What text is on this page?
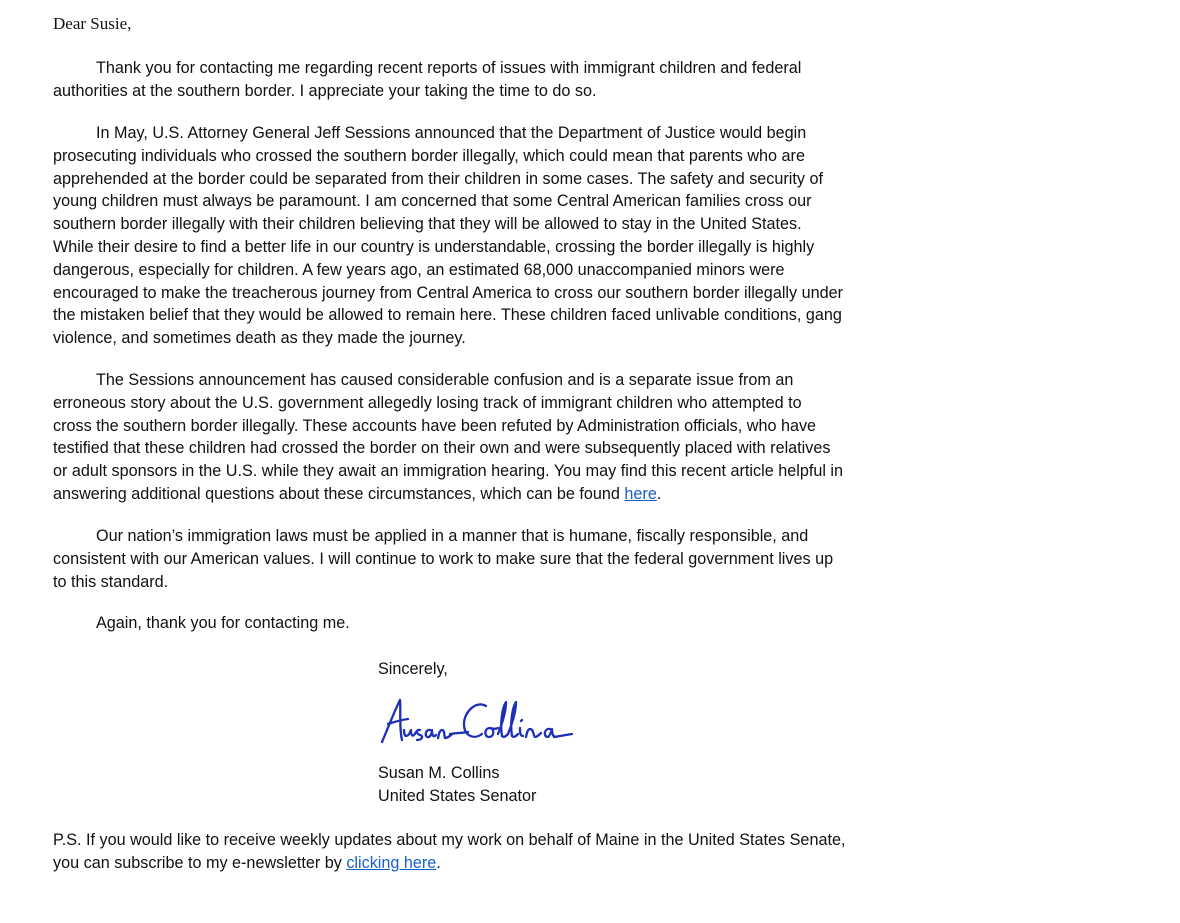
Dear Susie,
Thank you for contacting me regarding recent reports of issues with immigrant children and federal
authorities at the southern border. I appreciate your taking the time to do so.
In May, U.S. Attorney General Jeff Sessions announced that the Department of Justice would begin
prosecuting individuals who crossed the southern border illegally, which could mean that parents who are
apprehended at the border could be separated from their children in some cases. The safety and security of
young children must always be paramount. I am concerned that some Central American families cross our
southern border illegally with their children believing that they will be allowed to stay in the United States.
While their desire to find a better life in our country is understandable, crossing the border illegally is highly
dangerous, especially for children. A few years ago, an estimated 68,000 unaccompanied minors were
encouraged to make the treacherous journey from Central America to cross our southern border illegally under
the mistaken belief that they would be allowed to remain here. These children faced unlivable conditions, gang
violence, and sometimes death as they made the journey.
The Sessions announcement has caused considerable confusion and is a separate issue from an
erroneous story about the U.S. government allegedly losing track of immigrant children who attempted to
cross the southern border illegally. These accounts have been refuted by Administration officials, who have
testified that these children had crossed the border on their own and were subsequently placed with relatives
or adult sponsors in the U.S. while they await an immigration hearing. You may find this recent article helpful in
answering additional questions about these circumstances, which can be found here.
Our nation’s immigration laws must be applied in a manner that is humane, fiscally responsible, and
consistent with our American values. I will continue to work to make sure that the federal government lives up
to this standard.
Again, thank you for contacting me.
Sincerely,
Susan M. Collins
United States Senator
P.S. If you would like to receive weekly updates about my work on behalf of Maine in the United States Senate,
you can subscribe to my e-newsletter by clicking here.
